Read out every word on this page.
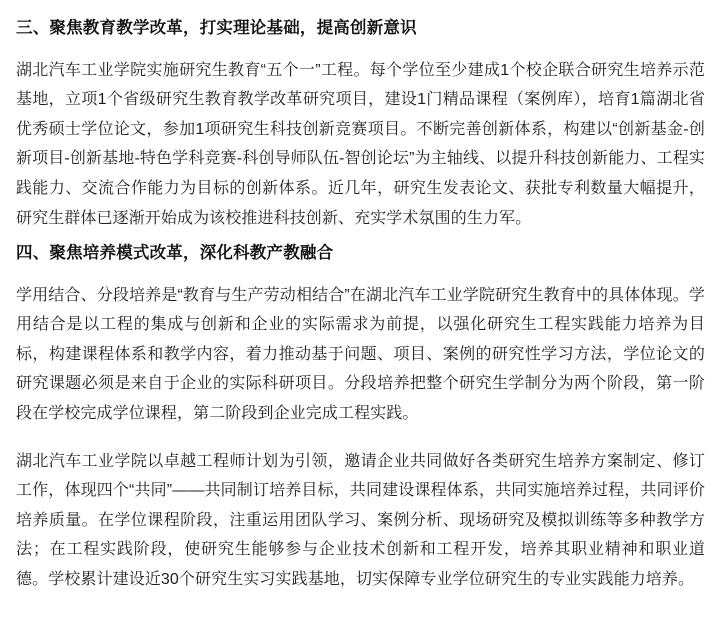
三、聚焦教育教学改革，打实理论基础，提高创新意识

湖北汽车工业学院实施研究生教育“五个一”工程。每个学位至少建成1个校企联合研究生培养示范基地，立项1个省级研究生教育教学改革研究项目，建设1门精品课程（案例库），培育1篇湖北省优秀硕士学位论文，参加1项研究生科技创新竞赛项目。不断完善创新体系，构建以“创新基金-创新项目-创新基地-特色学科竞赛-科创导师队伍-智创论坛”为主轴线、以提升科技创新能力、工程实践能力、交流合作能力为目标的创新体系。近几年，研究生发表论文、获批专利数量大幅提升，研究生群体已逐渐开始成为该校推进科技创新、充实学术氛围的生力军。

四、聚焦培养模式改革，深化科教产教融合

学用结合、分段培养是“教育与生产劳动相结合”在湖北汽车工业学院研究生教育中的具体体现。学用结合是以工程的集成与创新和企业的实际需求为前提，以强化研究生工程实践能力培养为目标，构建课程体系和教学内容，着力推动基于问题、项目、案例的研究性学习方法，学位论文的研究课题必须是来自于企业的实际科研项目。分段培养把整个研究生学制分为两个阶段，第一阶段在学校完成学位课程，第二阶段到企业完成工程实践。

湖北汽车工业学院以卓越工程师计划为引领，邀请企业共同做好各类研究生培养方案制定、修订工作，体现四个“共同”——共同制订培养目标，共同建设课程体系，共同实施培养过程，共同评价培养质量。在学位课程阶段，注重运用团队学习、案例分析、现场研究及模拟训练等多种教学方法；在工程实践阶段，使研究生能够参与企业技术创新和工程开发，培养其职业精神和职业道德。学校累计建设近30个研究生实习实践基地，切实保障专业学位研究生的专业实践能力培养。
